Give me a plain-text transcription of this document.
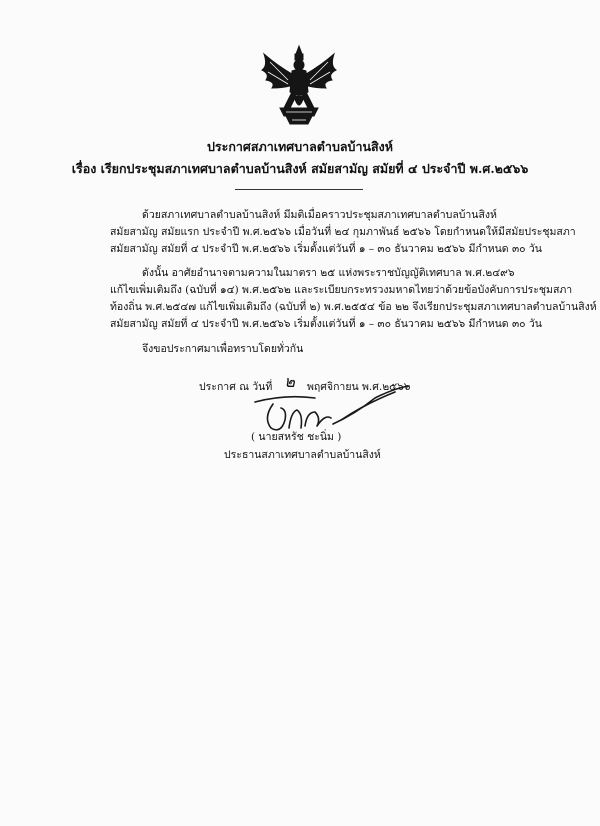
ประกาศสภาเทศบาลตำบลบ้านสิงห์
เรื่อง เรียกประชุมสภาเทศบาลตำบลบ้านสิงห์ สมัยสามัญ สมัยที่ ๔ ประจำปี พ.ศ.๒๕๖๖
ด้วยสภาเทศบาลตำบลบ้านสิงห์ มีมติเมื่อคราวประชุมสภาเทศบาลตำบลบ้านสิงห์
สมัยสามัญ สมัยแรก ประจำปี พ.ศ.๒๕๖๖ เมื่อวันที่ ๒๔ กุมภาพันธ์ ๒๕๖๖ โดยกำหนดให้มีสมัยประชุมสภา
สมัยสามัญ สมัยที่ ๔ ประจำปี พ.ศ.๒๕๖๖ เริ่มตั้งแต่วันที่ ๑ – ๓๐ ธันวาคม ๒๕๖๖ มีกำหนด ๓๐ วัน
ดังนั้น อาศัยอำนาจตามความในมาตรา ๒๕ แห่งพระราชบัญญัติเทศบาล พ.ศ.๒๔๙๖
แก้ไขเพิ่มเติมถึง (ฉบับที่ ๑๔) พ.ศ.๒๕๖๒ และระเบียบกระทรวงมหาดไทยว่าด้วยข้อบังคับการประชุมสภา
ท้องถิ่น พ.ศ.๒๕๔๗ แก้ไขเพิ่มเติมถึง (ฉบับที่ ๒) พ.ศ.๒๕๕๔ ข้อ ๒๒ จึงเรียกประชุมสภาเทศบาลตำบลบ้านสิงห์
สมัยสามัญ สมัยที่ ๔ ประจำปี พ.ศ.๒๕๖๖ เริ่มตั้งแต่วันที่ ๑ – ๓๐ ธันวาคม ๒๕๖๖ มีกำหนด ๓๐ วัน
จึงขอประกาศมาเพื่อทราบโดยทั่วกัน
ประกาศ ณ วันที่ ๒ พฤศจิกายน พ.ศ.๒๕๖๖
( นายสหรัช ชะนิ่ม )
ประธานสภาเทศบาลตำบลบ้านสิงห์
